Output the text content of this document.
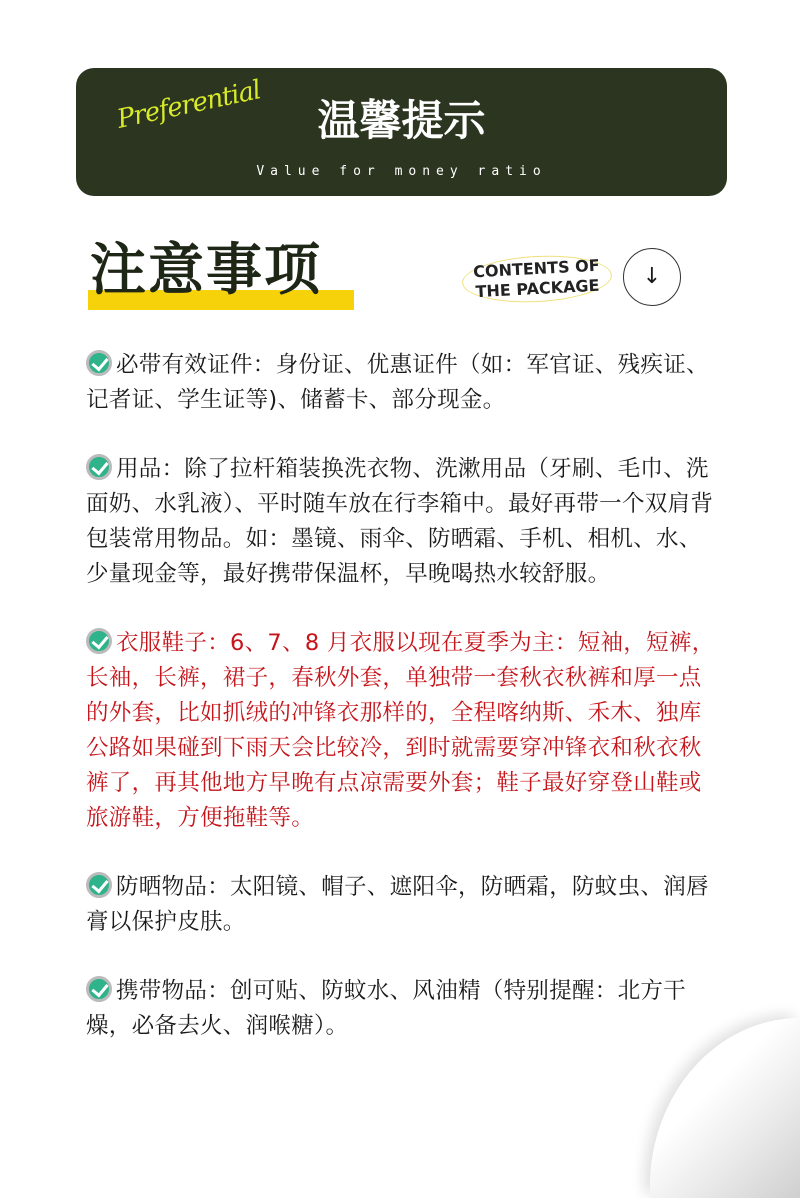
Preferential	温馨提示
Value for money ratio
注意事项	CONTENTS OF THE PACKAGE	↓
必带有效证件：身份证、优惠证件（如：军官证、残疾证、记者证、学生证等)、储蓄卡、部分现金。
用品：除了拉杆箱装换洗衣物、洗漱用品（牙刷、毛巾、洗面奶、水乳液）、平时随车放在行李箱中。最好再带一个双肩背包装常用物品。如：墨镜、雨伞、防晒霜、手机、相机、水、少量现金等，最好携带保温杯，早晚喝热水较舒服。
衣服鞋子：6、7、8 月衣服以现在夏季为主：短袖，短裤，长袖，长裤，裙子，春秋外套，单独带一套秋衣秋裤和厚一点的外套，比如抓绒的冲锋衣那样的，全程喀纳斯、禾木、独库公路如果碰到下雨天会比较冷，到时就需要穿冲锋衣和秋衣秋裤了，再其他地方早晚有点凉需要外套；鞋子最好穿登山鞋或旅游鞋，方便拖鞋等。
防晒物品：太阳镜、帽子、遮阳伞，防晒霜，防蚊虫、润唇膏以保护皮肤。
携带物品：创可贴、防蚊水、风油精（特别提醒：北方干燥，必备去火、润喉糖）。
